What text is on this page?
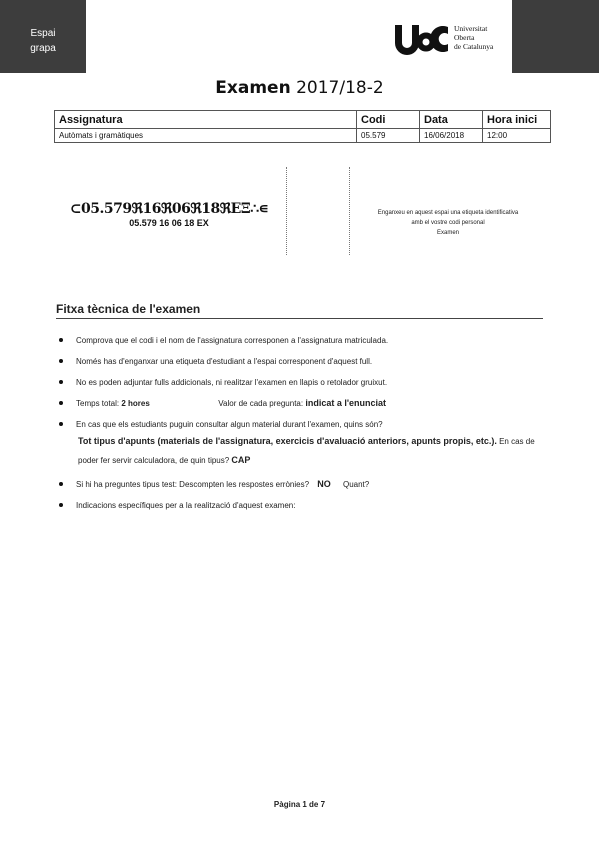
Espai
grapa
Universitat
Oberta
de Catalunya
Examen 2017/18-2
Assignatura	Codi	Data	Hora inici
Autòmats i gramàtiques	05.579	16/06/2018	12:00
⊂05.579ℜ16ℜ06ℜ18ℜEΞ∴∊
05.579 16 06 18 EX
Enganxeu en aquest espai una etiqueta identificativa
amb el vostre codi personal
Examen
Fitxa tècnica de l'examen
Comprova que el codi i el nom de l'assignatura corresponen a l'assignatura matriculada.
Només has d'enganxar una etiqueta d'estudiant a l'espai corresponent d'aquest full.
No es poden adjuntar fulls addicionals, ni realitzar l'examen en llapis o retolador gruixut.
Temps total: 2 hores	Valor de cada pregunta: indicat a l'enunciat
En cas que els estudiants puguin consultar algun material durant l'examen, quins són?
Tot tipus d'apunts (materials de l'assignatura, exercicis d'avaluació anteriors, apunts propis, etc.). En cas de poder fer servir calculadora, de quin tipus? CAP
Si hi ha preguntes tipus test: Descompten les respostes errònies? NO Quant?
Indicacions específiques per a la realització d'aquest examen:
Pàgina 1 de 7
